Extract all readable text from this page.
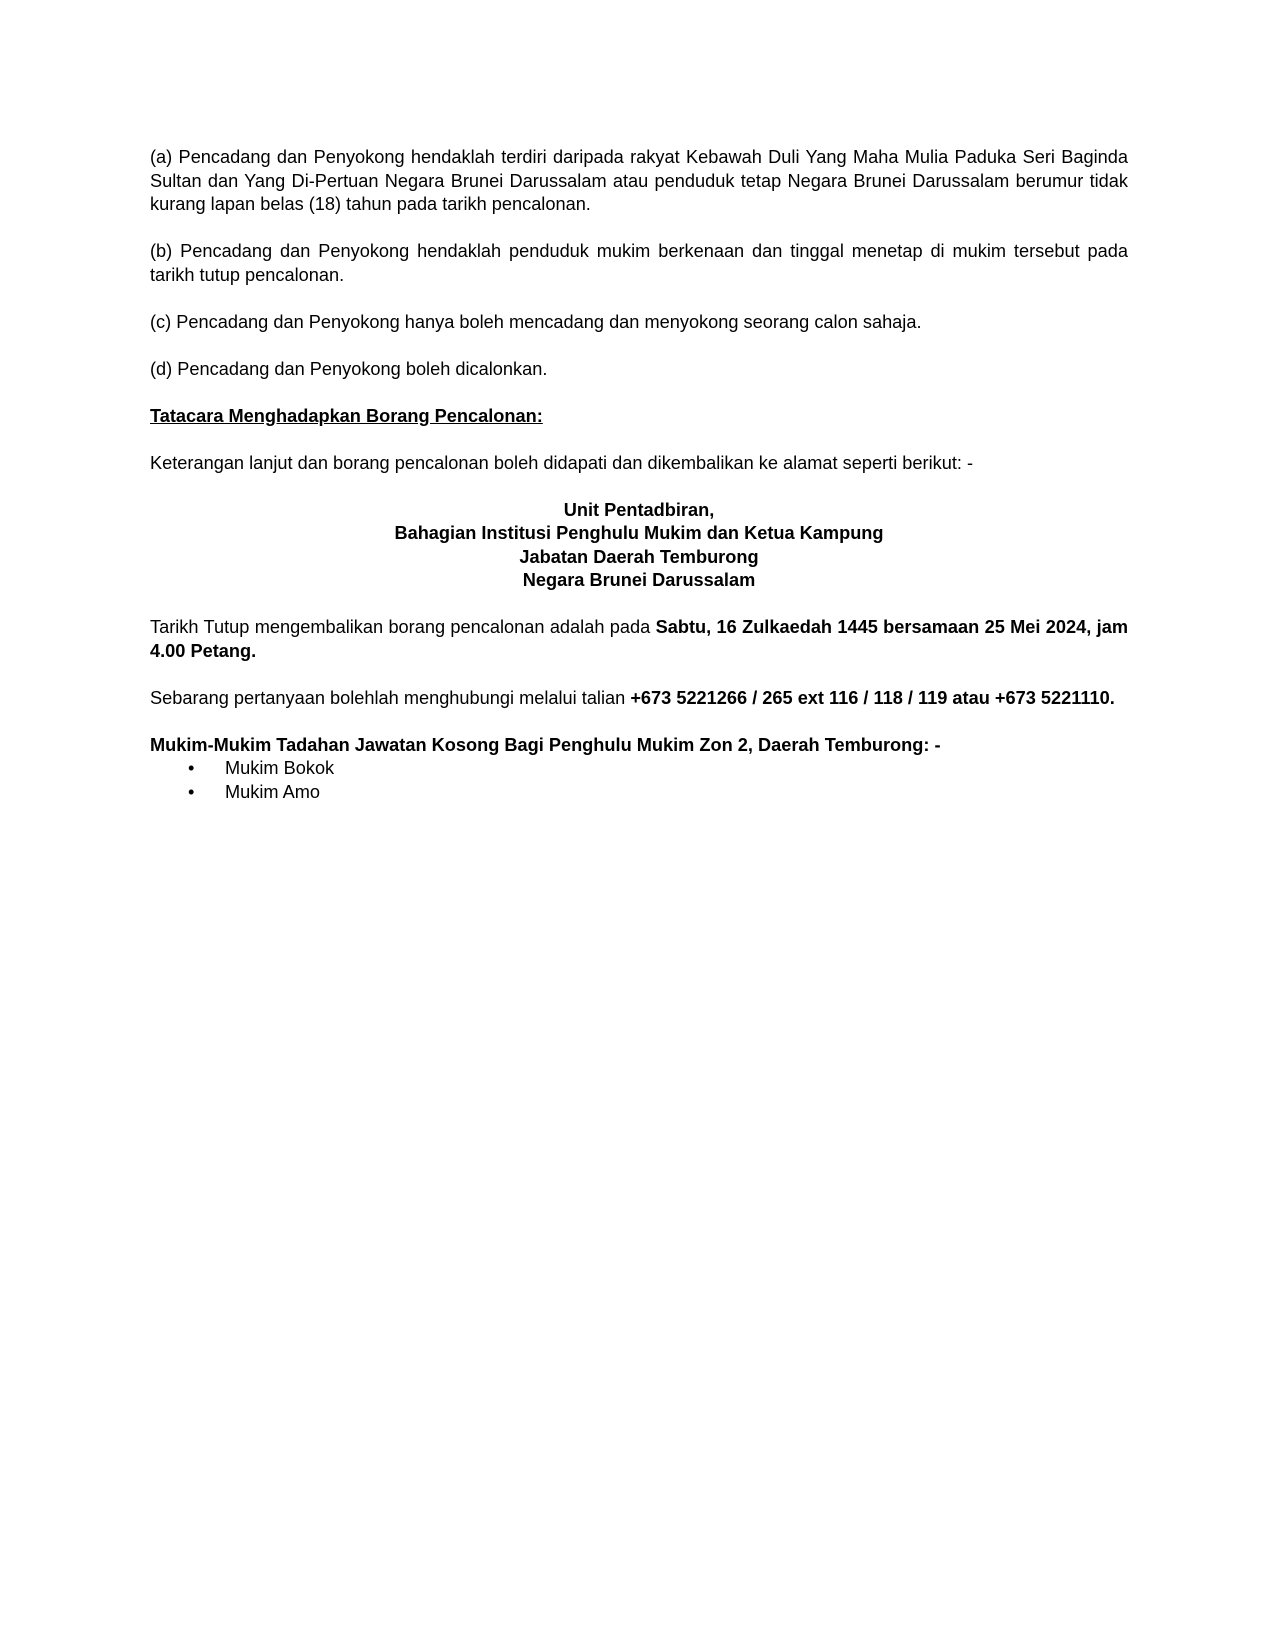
(a) Pencadang dan Penyokong hendaklah terdiri daripada rakyat Kebawah Duli Yang Maha Mulia Paduka Seri Baginda Sultan dan Yang Di-Pertuan Negara Brunei Darussalam atau penduduk tetap Negara Brunei Darussalam berumur tidak kurang lapan belas (18) tahun pada tarikh pencalonan.

(b) Pencadang dan Penyokong hendaklah penduduk mukim berkenaan dan tinggal menetap di mukim tersebut pada tarikh tutup pencalonan.

(c) Pencadang dan Penyokong hanya boleh mencadang dan menyokong seorang calon sahaja.

(d) Pencadang dan Penyokong boleh dicalonkan.

Tatacara Menghadapkan Borang Pencalonan:

Keterangan lanjut dan borang pencalonan boleh didapati dan dikembalikan ke alamat seperti berikut: -

Unit Pentadbiran,
Bahagian Institusi Penghulu Mukim dan Ketua Kampung
Jabatan Daerah Temburong
Negara Brunei Darussalam

Tarikh Tutup mengembalikan borang pencalonan adalah pada Sabtu, 16 Zulkaedah 1445 bersamaan 25 Mei 2024, jam 4.00 Petang.

Sebarang pertanyaan bolehlah menghubungi melalui talian +673 5221266 / 265 ext 116 / 118 / 119 atau +673 5221110.

Mukim-Mukim Tadahan Jawatan Kosong Bagi Penghulu Mukim Zon 2, Daerah Temburong: -

• Mukim Bokok
• Mukim Amo
